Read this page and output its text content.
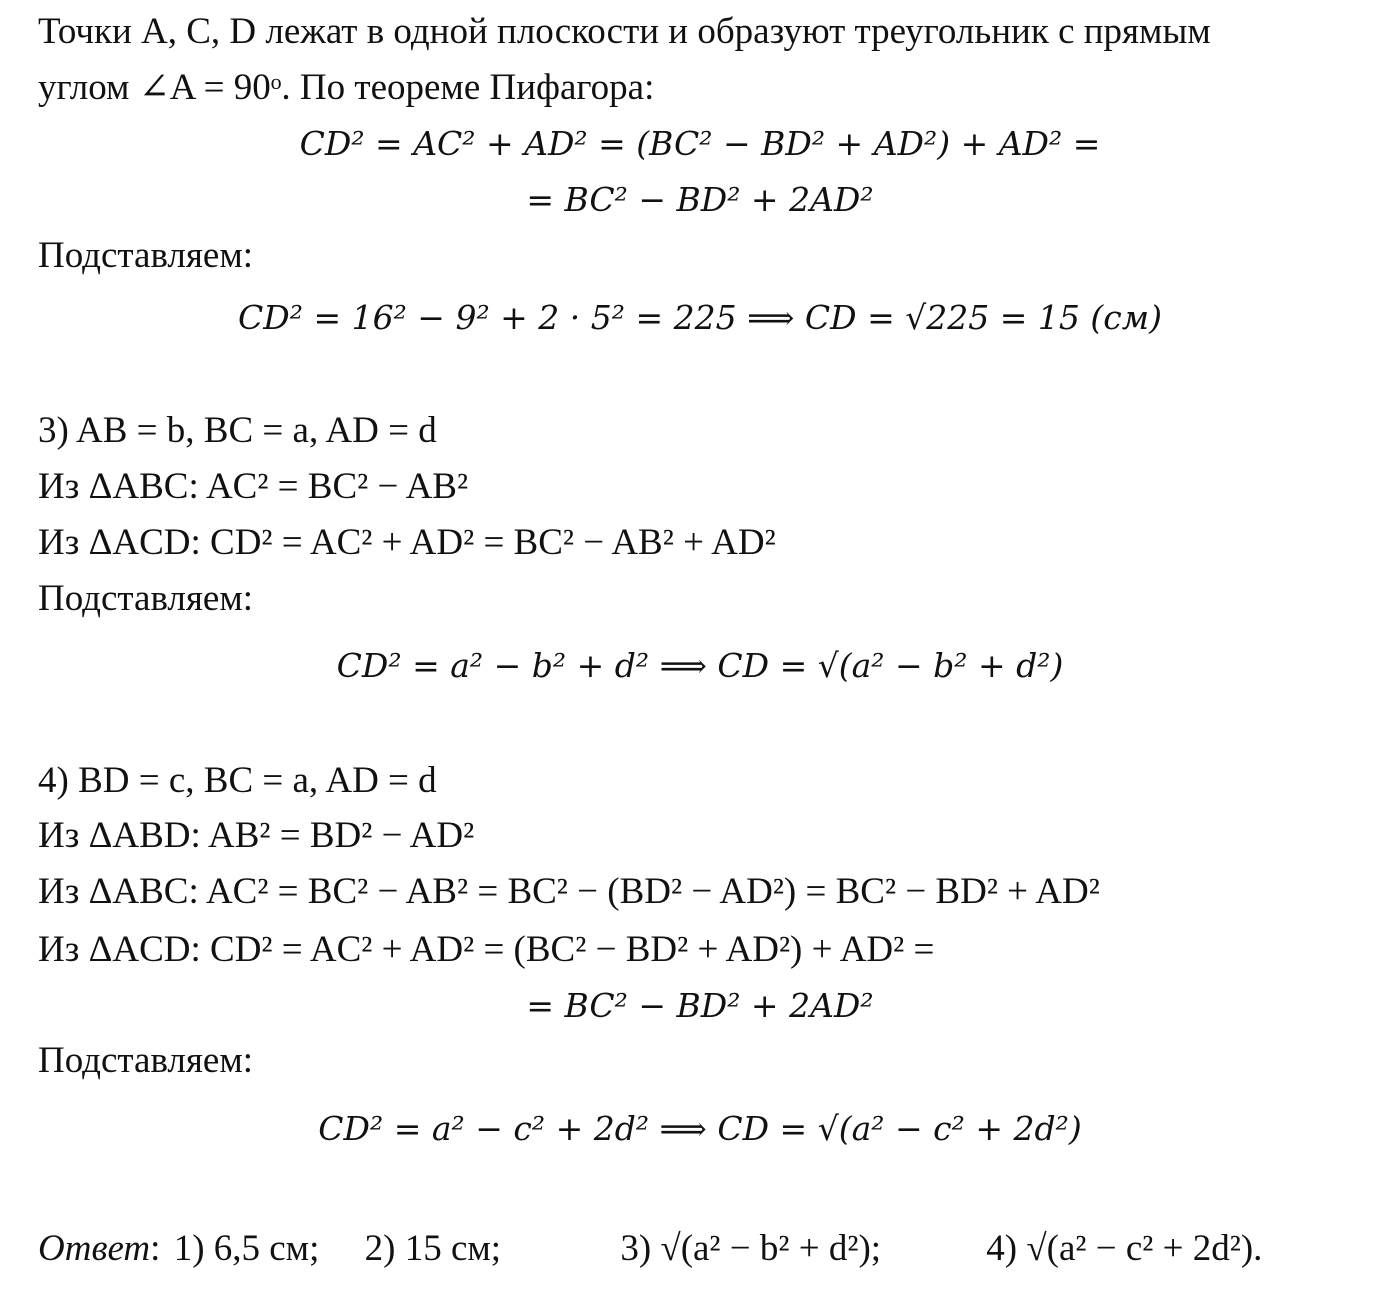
Точки A, C, D лежат в одной плоскости и образуют треугольник с прямым
углом ∠A = 90ᵒ. По теореме Пифагора:
CD² = AC² + AD² = (BC² − BD² + AD²) + AD² =
= BC² − BD² + 2AD²
Подставляем:
CD² = 16² − 9² + 2 · 5² = 225 ⟹ CD = √225 = 15 (см)
3) AB = b, BC = a, AD = d
Из ΔABC: AC² = BC² − AB²
Из ΔACD: CD² = AC² + AD² = BC² − AB² + AD²
Подставляем:
CD² = a² − b² + d² ⟹ CD = √(a² − b² + d²)
4) BD = c, BC = a, AD = d
Из ΔABD: AB² = BD² − AD²
Из ΔABC: AC² = BC² − AB² = BC² − (BD² − AD²) = BC² − BD² + AD²
Из ΔACD: CD² = AC² + AD² = (BC² − BD² + AD²) + AD² =
= BC² − BD² + 2AD²
Подставляем:
CD² = a² − c² + 2d² ⟹ CD = √(a² − c² + 2d²)
Ответ: 1) 6,5 см; 2) 15 см;	3) √(a² − b² + d²);	4) √(a² − c² + 2d²).
